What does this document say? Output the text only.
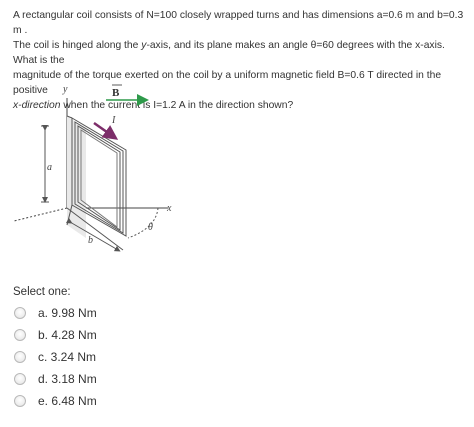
A rectangular coil consists of N=100 closely wrapped turns and has dimensions a=0.6 m and b=0.3 m .

The coil is hinged along the y-axis, and its plane makes an angle θ=60 degrees with the x-axis. What is the

magnitude of the torque exerted on the coil by a uniform magnetic field B=0.6 T directed in the positive

x-direction when the current is I=1.2 A in the direction shown?

y
x
a
b
θ
B
I
Select one:
a. 9.98 Nm
b. 4.28 Nm
c. 3.24 Nm
d. 3.18 Nm
e. 6.48 Nm
